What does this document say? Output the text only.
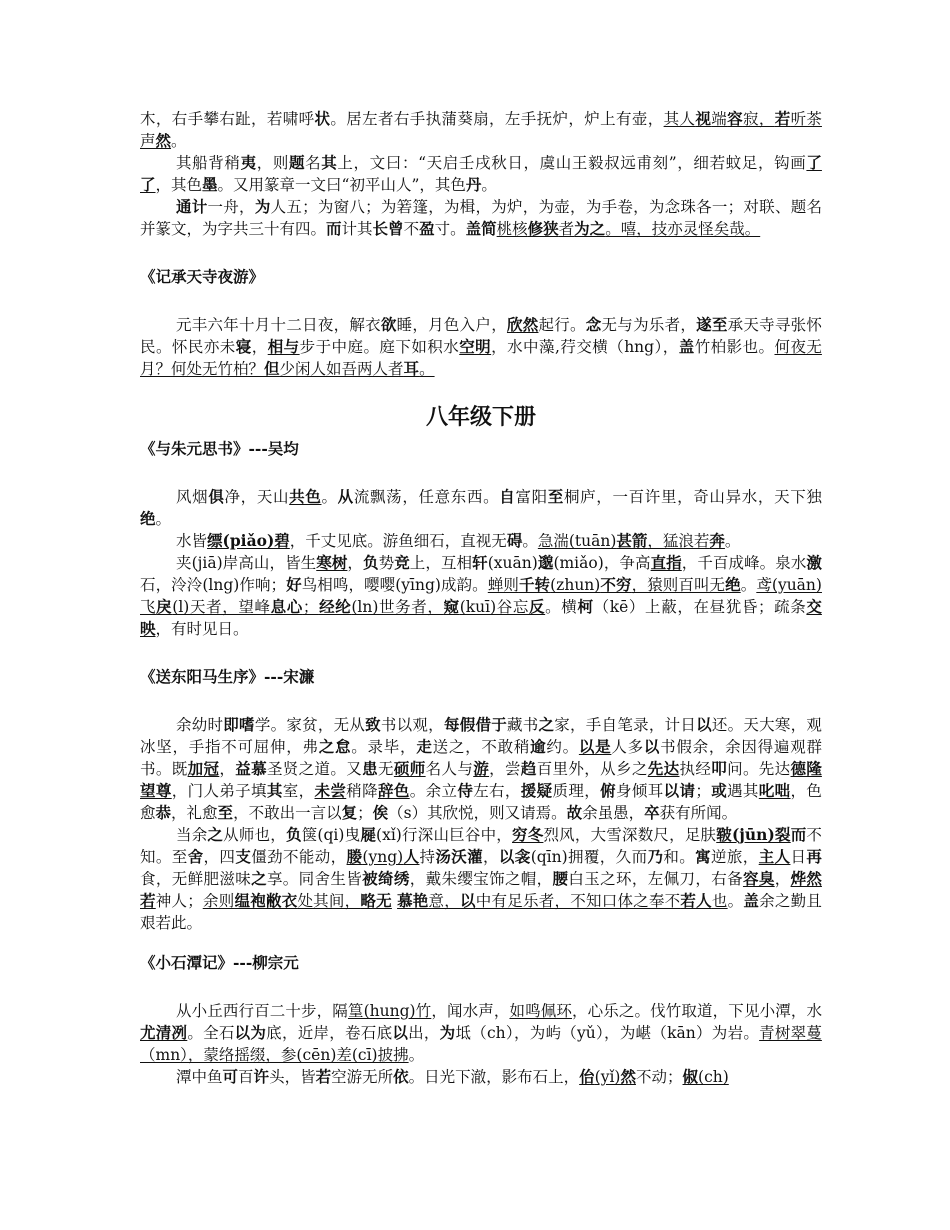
木，右手攀右趾，若啸呼状。居左者右手执蒲葵扇，左手抚炉，炉上有壶，其人视端容寂，若听茶声然。

其船背稍夷，则题名其上，文曰：“天启壬戌秋日，虞山王毅叔远甫刻”，细若蚊足，钩画了了，其色墨。又用篆章一文曰“初平山人”，其色丹。

通计一舟，为人五；为窗八；为箬篷，为楫，为炉，为壶，为手卷，为念珠各一；对联、题名并篆文，为字共三十有四。而计其长曾不盈寸。盖简桃核修狭者为之。嘻，技亦灵怪矣哉。

《记承天寺夜游》

元丰六年十月十二日夜，解衣欲睡，月色入户，欣然起行。念无与为乐者，遂至承天寺寻张怀民。怀民亦未寝，相与步于中庭。庭下如积水空明，水中藻,荇交横（hng），盖竹柏影也。何夜无月？何处无竹柏？但少闲人如吾两人者耳。

八年级下册

《与朱元思书》---吴均

风烟俱净，天山共色。从流飘荡，任意东西。自富阳至桐庐，一百许里，奇山异水，天下独绝。

水皆缥(piǎo)碧，千丈见底。游鱼细石，直视无碍。急湍(tuān)甚箭，猛浪若奔。

夹(jiā)岸高山，皆生寒树，负势竞上，互相轩(xuān)邈(miǎo)，争高直指，千百成峰。泉水激石，泠泠(lng)作响；好鸟相鸣，嘤嘤(yīng)成韵。蝉则千转(zhun)不穷，猿则百叫无绝。鸢(yuān)飞戾(l)天者，望峰息心；经纶(ln)世务者，窥(kuī)谷忘反。横柯（kē）上蔽，在昼犹昏；疏条交映，有时见日。

《送东阳马生序》---宋濂

余幼时即嗜学。家贫，无从致书以观，每假借于藏书之家，手自笔录，计日以还。天大寒，观冰坚，手指不可屈伸，弗之怠。录毕，走送之，不敢稍逾约。以是人多以书假余，余因得遍观群书。既加冠，益慕圣贤之道。又患无硕师名人与游，尝趋百里外，从乡之先达执经叩问。先达德隆望尊，门人弟子填其室，未尝稍降辞色。余立侍左右，援疑质理，俯身倾耳以请；或遇其叱咄，色愈恭，礼愈至，不敢出一言以复；俟（s）其欣悦，则又请焉。故余虽愚，卒获有所闻。

当余之从师也，负箧(qi)曳屣(xǐ)行深山巨谷中，穷冬烈风，大雪深数尺，足肤皲(jūn)裂而不知。至舍，四支僵劲不能动，媵(yng)人持汤沃灌，以衾(qīn)拥覆，久而乃和。寓逆旅，主人日再食，无鲜肥滋味之享。同舍生皆被绮绣，戴朱缨宝饰之帽，腰白玉之环，左佩刀，右备容臭，烨然若神人；余则缊袍敝衣处其间，略无 慕艳意，以中有足乐者，不知口体之奉不若人也。盖余之勤且艰若此。

《小石潭记》---柳宗元

从小丘西行百二十步，隔篁(hung)竹，闻水声，如鸣佩环，心乐之。伐竹取道，下见小潭，水尤清冽。全石以为底，近岸，卷石底以出，为坻（ch），为屿（yǔ），为嵁（kān）为岩。青树翠蔓（mn），蒙络摇缀，参(cēn)差(cī)披拂。

潭中鱼可百许头，皆若空游无所依。日光下澈，影布石上，佁(yǐ)然不动；俶(ch)
